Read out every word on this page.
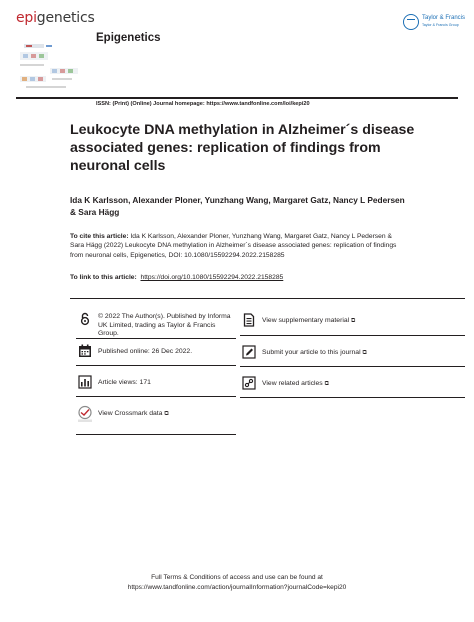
epigenetics
Epigenetics
Taylor & Francis
Taylor & Francis Group
ISSN: (Print) (Online) Journal homepage: https://www.tandfonline.com/loi/kepi20
Leukocyte DNA methylation in Alzheimer´s disease associated genes: replication of findings from neuronal cells
Ida K Karlsson, Alexander Ploner, Yunzhang Wang, Margaret Gatz, Nancy L Pedersen & Sara Hägg
To cite this article: Ida K Karlsson, Alexander Ploner, Yunzhang Wang, Margaret Gatz, Nancy L Pedersen & Sara Hägg (2022) Leukocyte DNA methylation in Alzheimer´s disease associated genes: replication of findings from neuronal cells, Epigenetics, DOI: 10.1080/15592294.2022.2158285
To link to this article: https://doi.org/10.1080/15592294.2022.2158285
© 2022 The Author(s). Published by Informa UK Limited, trading as Taylor & Francis Group.
Published online: 26 Dec 2022.
Article views: 171
View Crossmark data ⧉
View supplementary material ⧉
Submit your article to this journal ⧉
View related articles ⧉
Full Terms & Conditions of access and use can be found at
https://www.tandfonline.com/action/journalInformation?journalCode=kepi20
